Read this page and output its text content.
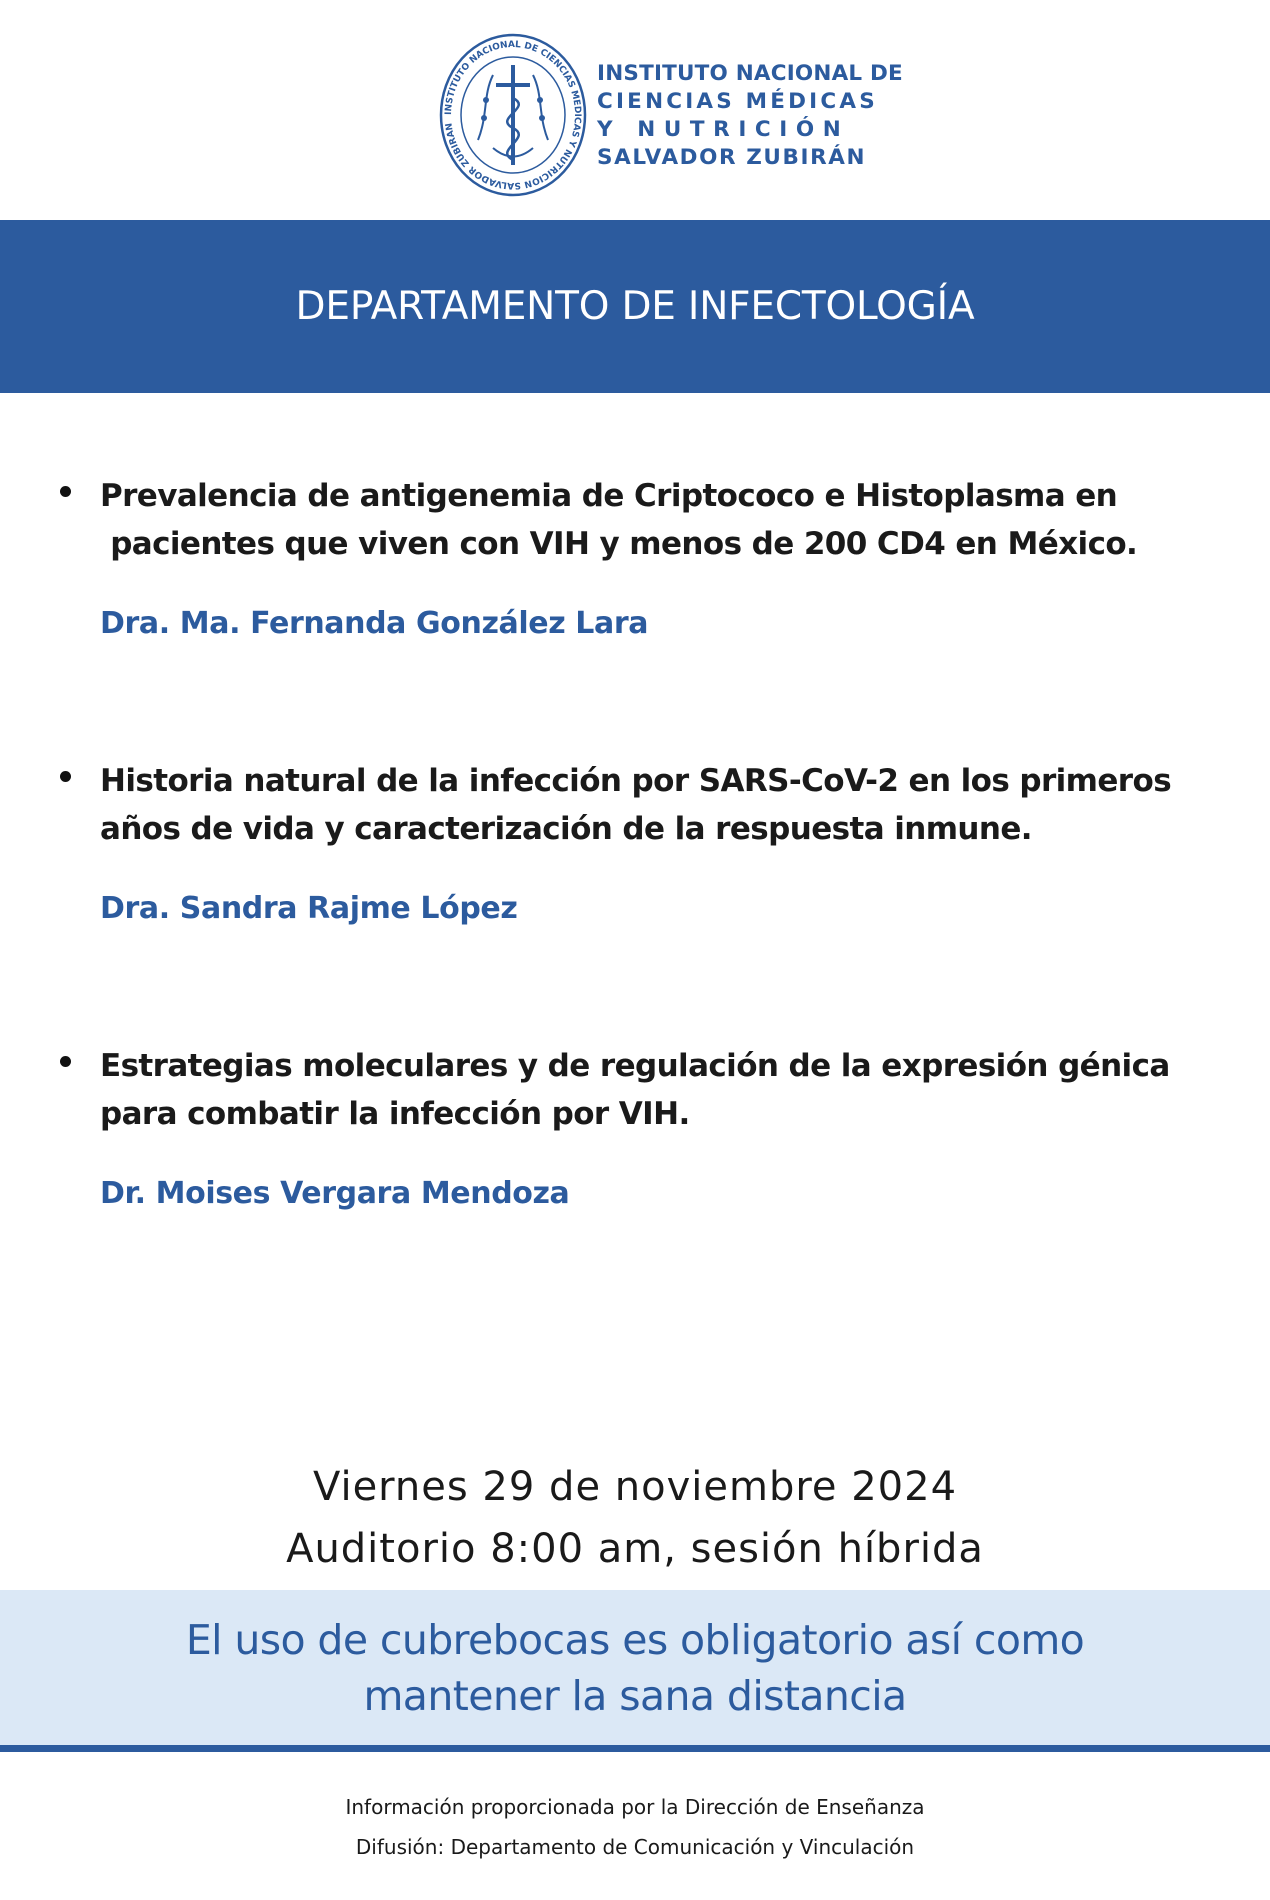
INSTITUTO NACIONAL DE CIENCIAS MEDICAS Y NUTRICION SALVADOR ZUBIRAN
INSTITUTO NACIONAL DE
CIENCIAS MÉDICAS
Y NUTRICIÓN
SALVADOR ZUBIRÁN
DEPARTAMENTO DE INFECTOLOGÍA
Prevalencia de antigenemia de Criptococo e Histoplasma en
pacientes que viven con VIH y menos de 200 CD4 en México.
Dra. Ma. Fernanda González Lara
Historia natural de la infección por SARS-CoV-2 en los primeros
años de vida y caracterización de la respuesta inmune.
Dra. Sandra Rajme López
Estrategias moleculares y de regulación de la expresión génica
para combatir la infección por VIH.
Dr. Moises Vergara Mendoza
Viernes 29 de noviembre 2024
Auditorio 8:00 am, sesión híbrida
El uso de cubrebocas es obligatorio así como
mantener la sana distancia
Información proporcionada por la Dirección de Enseñanza
Difusión: Departamento de Comunicación y Vinculación
